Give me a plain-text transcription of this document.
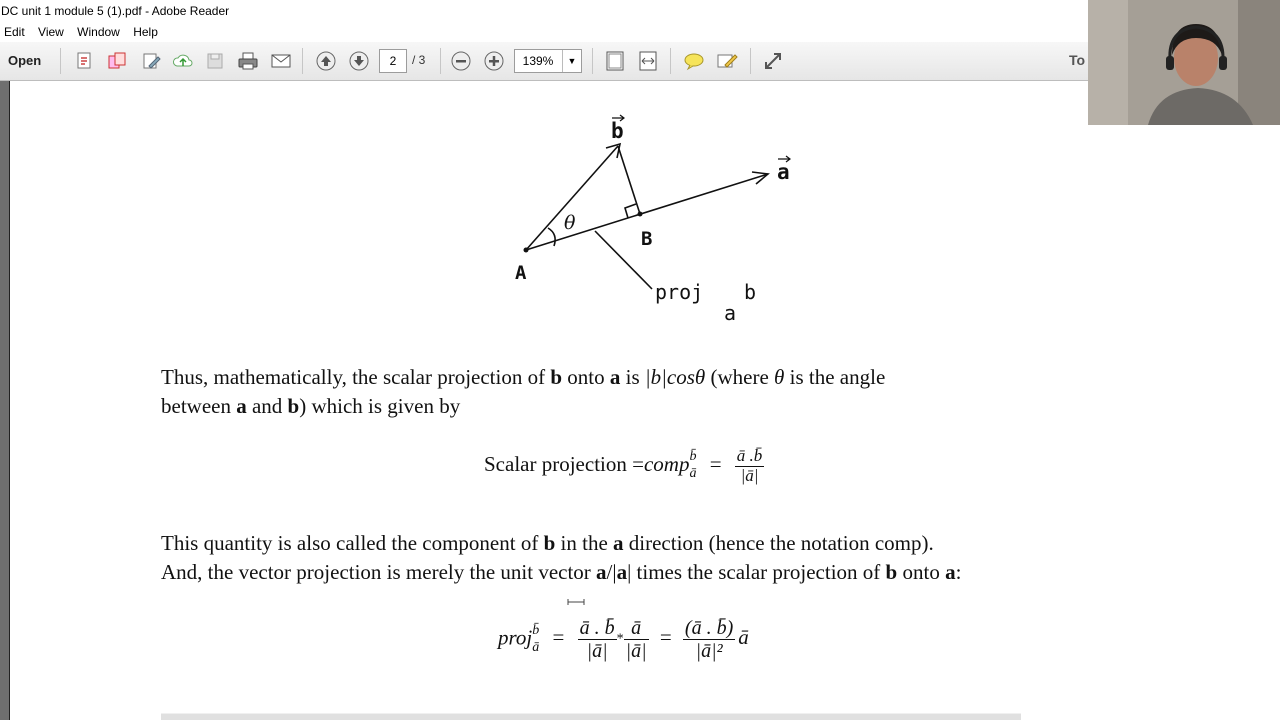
DC unit 1 module 5 (1).pdf - Adobe Reader
Edit View Window Help
Open	2	/ 3	139%	▼	To
b
a
θ
A
B
proj
a
b
Thus, mathematically, the scalar projection of b onto a is |b|cosθ (where θ is the angle
between a and b) which is given by
Scalar projection =comp b̄
ā = $\frac{ā .b̄}{|ā|}$
This quantity is also called the component of b in the a direction (hence the notation comp).
And, the vector projection is merely the unit vector a/|a| times the scalar projection of b onto a:
proj b̄
ā = $\frac{ā . b̄}{|ā|} * \frac{ā}{|ā|} = \frac{(ā . b̄)}{\text{|ā|²}}$ ā
